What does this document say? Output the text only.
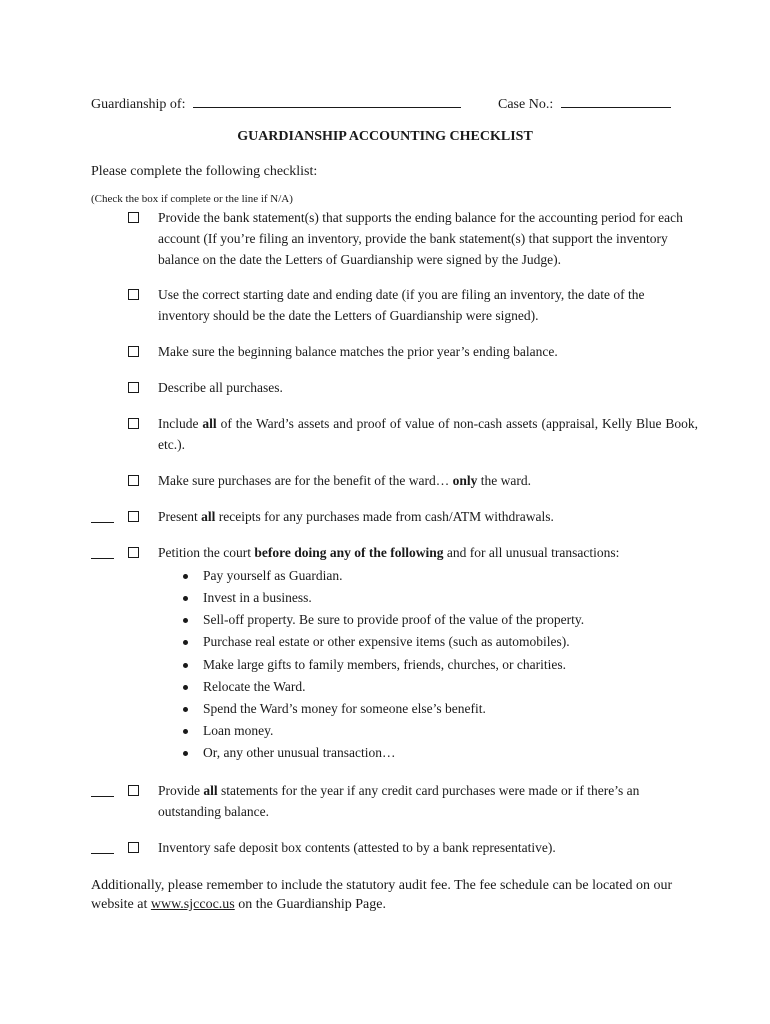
Guardianship of:	Case No.:
GUARDIANSHIP ACCOUNTING CHECKLIST
Please complete the following checklist:
(Check the box if complete or the line if N/A)
Provide the bank statement(s) that supports the ending balance for the accounting period for each account (If you’re filing an inventory, provide the bank statement(s) that support the inventory balance on the date the Letters of Guardianship were signed by the Judge).
Use the correct starting date and ending date (if you are filing an inventory, the date of the inventory should be the date the Letters of Guardianship were signed).
Make sure the beginning balance matches the prior year’s ending balance.
Describe all purchases.
Include all of the Ward’s assets and proof of value of non-cash assets (appraisal, Kelly Blue Book, etc.).
Make sure purchases are for the benefit of the ward… only the ward.
Present all receipts for any purchases made from cash/ATM withdrawals.
Petition the court before doing any of the following and for all unusual transactions:
Pay yourself as Guardian.
Invest in a business.
Sell-off property. Be sure to provide proof of the value of the property.
Purchase real estate or other expensive items (such as automobiles).
Make large gifts to family members, friends, churches, or charities.
Relocate the Ward.
Spend the Ward’s money for someone else’s benefit.
Loan money.
Or, any other unusual transaction…
Provide all statements for the year if any credit card purchases were made or if there’s an outstanding balance.
Inventory safe deposit box contents (attested to by a bank representative).
Additionally, please remember to include the statutory audit fee. The fee schedule can be located on our website at www.sjccoc.us on the Guardianship Page.
